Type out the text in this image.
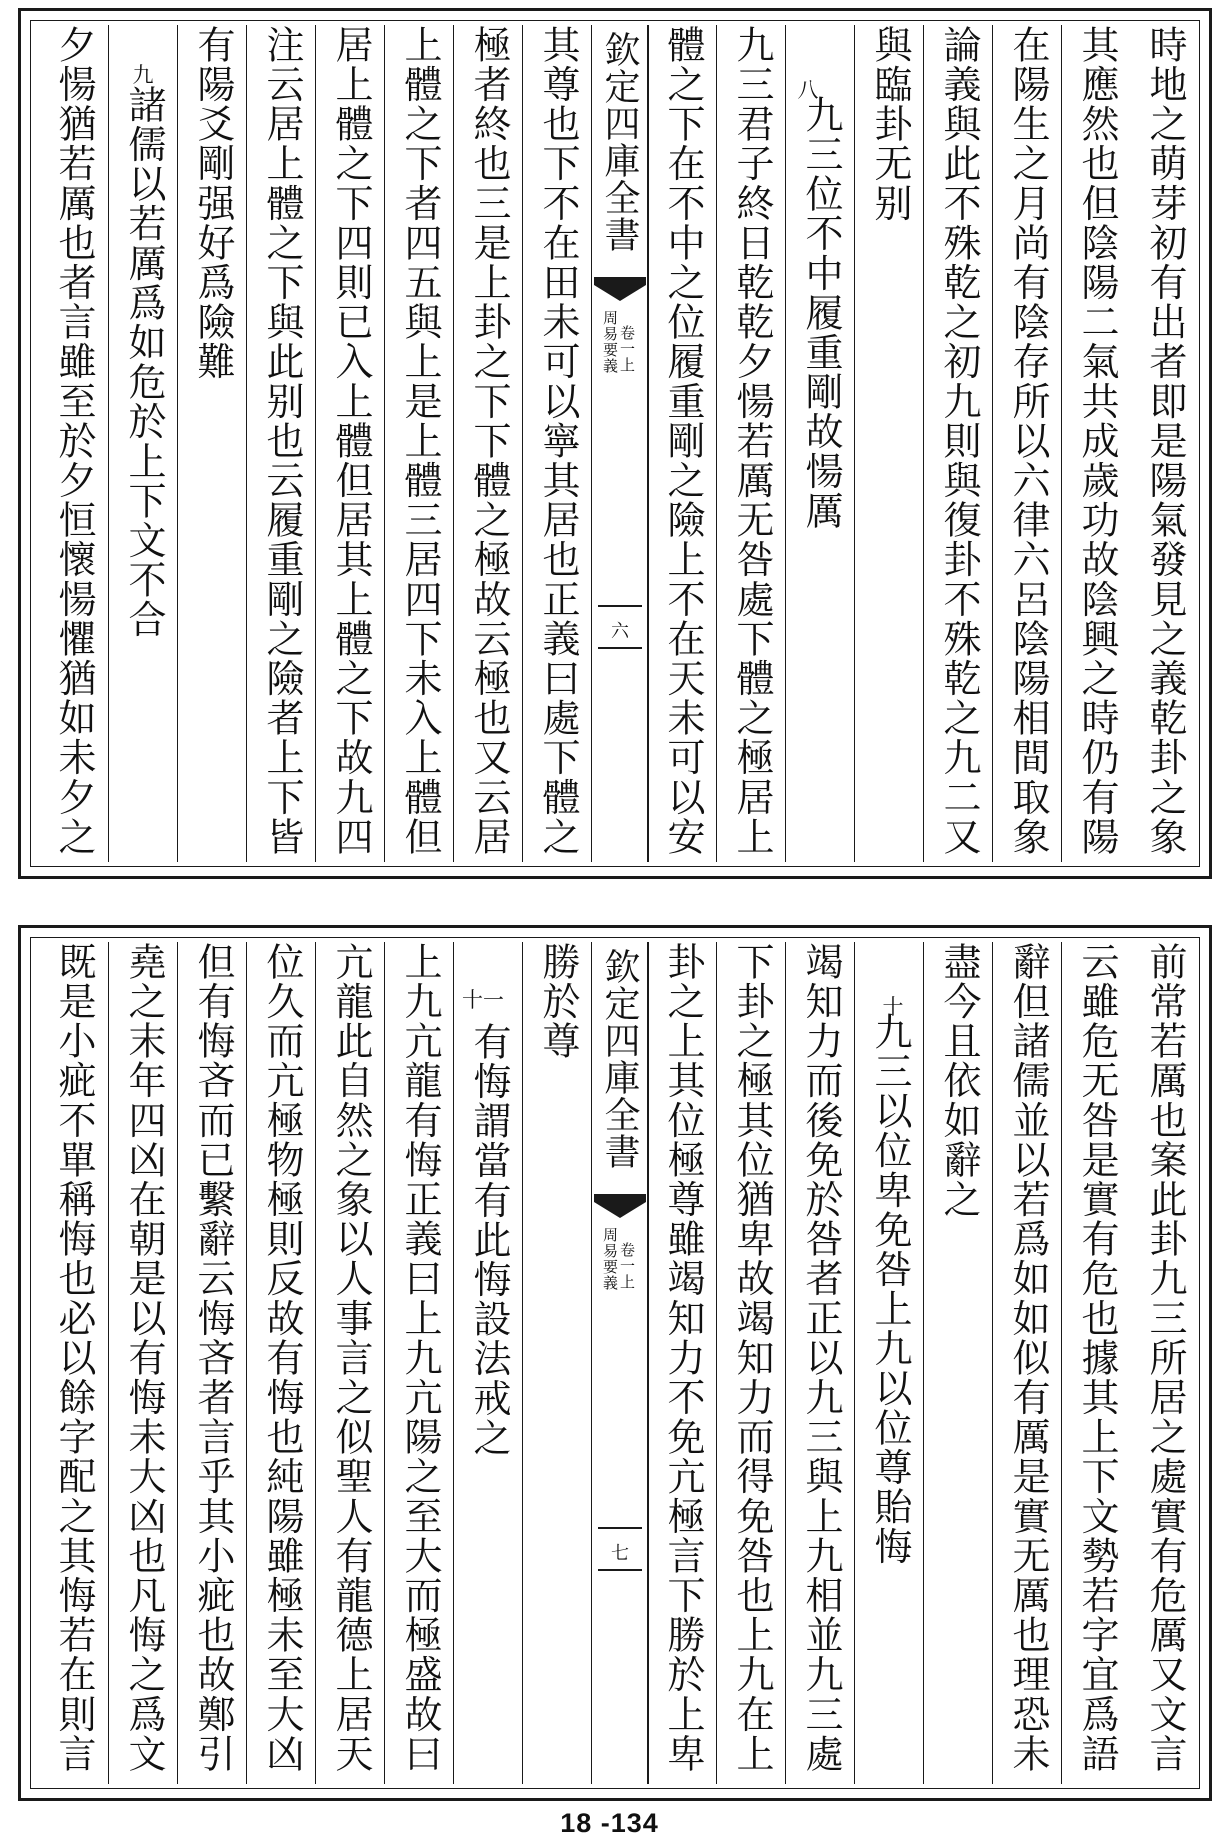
時地之萌芽初有出者即是陽氣發見之義乾卦之象
其應然也但陰陽二氣共成歲功故陰興之時仍有陽
在陽生之月尚有陰存所以六律六呂陰陽相間取象
論義與此不殊乾之初九則與復卦不殊乾之九二又
與臨卦无别
八
九三位不中履重剛故愓厲
九三君子終日乾乾夕愓若厲无咎處下體之極居上
體之下在不中之位履重剛之險上不在天未可以安
欽定四庫全書
周易要義 卷一上
六
其尊也下不在田未可以寧其居也正義曰處下體之
極者終也三是上卦之下下體之極故云極也又云居
上體之下者四五與上是上體三居四下未入上體但
居上體之下四則已入上體但居其上體之下故九四
注云居上體之下與此别也云履重剛之險者上下皆
有陽爻剛强好爲險難
九
諸儒以若厲爲如危於上下文不合
夕愓猶若厲也者言雖至於夕恒懷愓懼猶如未夕之
前常若厲也案此卦九三所居之處實有危厲又文言
云雖危无咎是實有危也據其上下文勢若字宜爲語
辭但諸儒並以若爲如如似有厲是實无厲也理恐未
盡今且依如辭之
十
九三以位卑免咎上九以位尊貽悔
竭知力而後免於咎者正以九三與上九相並九三處
下卦之極其位猶卑故竭知力而得免咎也上九在上
卦之上其位極尊雖竭知力不免亢極言下勝於上卑
欽定四庫全書
周易要義 卷一上
七
勝於尊
十一
有悔謂當有此悔設法戒之
上九亢龍有悔正義曰上九亢陽之至大而極盛故曰
亢龍此自然之象以人事言之似聖人有龍德上居天
位久而亢極物極則反故有悔也純陽雖極未至大凶
但有悔吝而已繫辭云悔吝者言乎其小疵也故鄭引
堯之末年四凶在朝是以有悔未大凶也凡悔之爲文
既是小疵不單稱悔也必以餘字配之其悔若在則言
18 -134
